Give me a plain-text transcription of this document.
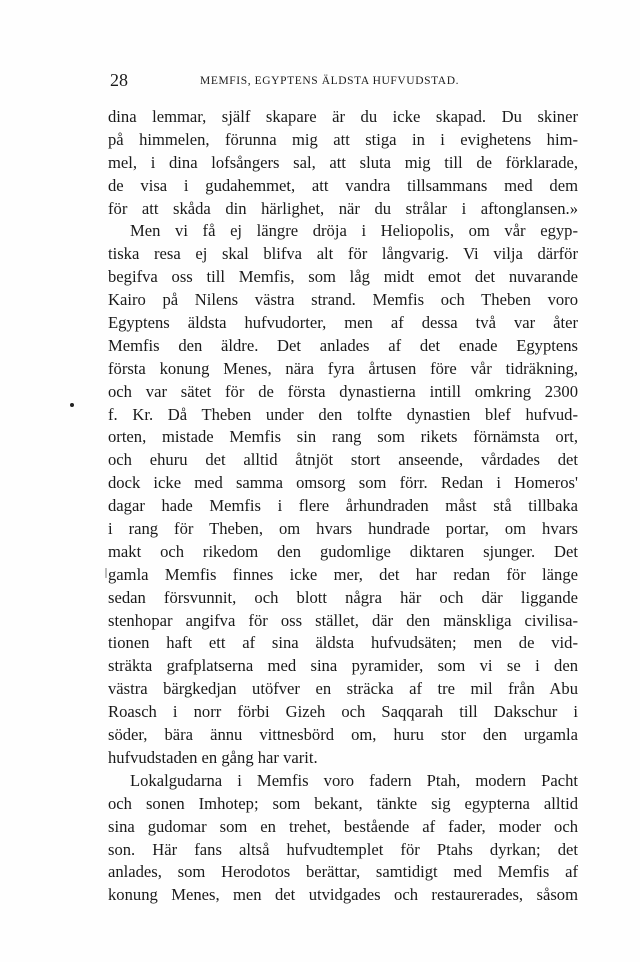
28	MEMFIS, EGYPTENS ÄLDSTA HUFVUDSTAD.
dina lemmar, själf skapare är du icke skapad. Du skiner
på himmelen, förunna mig att stiga in i evighetens him-
mel, i dina lofsångers sal, att sluta mig till de förklarade,
de visa i gudahemmet, att vandra tillsammans med dem
för att skåda din härlighet, när du strålar i aftonglansen.»
Men vi få ej längre dröja i Heliopolis, om vår egyp-
tiska resa ej skal blifva alt för långvarig. Vi vilja därför
begifva oss till Memfis, som låg midt emot det nuvarande
Kairo på Nilens västra strand. Memfis och Theben voro
Egyptens äldsta hufvudorter, men af dessa två var åter
Memfis den äldre. Det anlades af det enade Egyptens
första konung Menes, nära fyra årtusen före vår tidräkning,
och var sätet för de första dynastierna intill omkring 2300
f. Kr. Då Theben under den tolfte dynastien blef hufvud-
orten, mistade Memfis sin rang som rikets förnämsta ort,
och ehuru det alltid åtnjöt stort anseende, vårdades det
dock icke med samma omsorg som förr. Redan i Homeros'
dagar hade Memfis i flere århundraden måst stå tillbaka
i rang för Theben, om hvars hundrade portar, om hvars
makt och rikedom den gudomlige diktaren sjunger. Det
gamla Memfis finnes icke mer, det har redan för länge
sedan försvunnit, och blott några här och där liggande
stenhopar angifva för oss stället, där den mänskliga civilisa-
tionen haft ett af sina äldsta hufvudsäten; men de vid-
sträkta grafplatserna med sina pyramider, som vi se i den
västra bärgkedjan utöfver en sträcka af tre mil från Abu
Roasch i norr förbi Gizeh och Saqqarah till Dakschur i
söder, bära ännu vittnesbörd om, huru stor den urgamla
hufvudstaden en gång har varit.
Lokalgudarna i Memfis voro fadern Ptah, modern Pacht
och sonen Imhotep; som bekant, tänkte sig egypterna alltid
sina gudomar som en trehet, bestående af fader, moder och
son. Här fans altså hufvudtemplet för Ptahs dyrkan; det
anlades, som Herodotos berättar, samtidigt med Memfis af
konung Menes, men det utvidgades och restaurerades, såsom
